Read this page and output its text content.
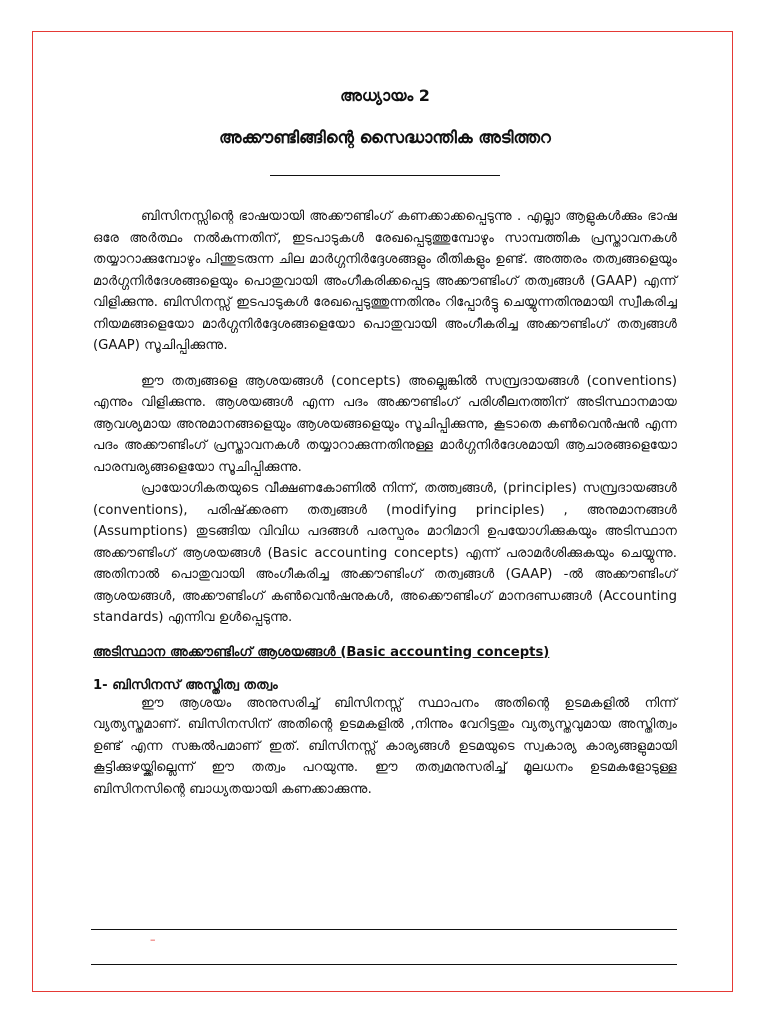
അധ്യായം 2
അക്കൗണ്ടിങ്ങിന്റെ സൈദ്ധാന്തിക അടിത്തറ

ബിസിനസ്സിന്റെ ഭാഷയായി അക്കൗണ്ടിംഗ് കണക്കാക്കപ്പെടുന്നു . എല്ലാ ആളുകൾക്കും ഭാഷ ഒരേ അർത്ഥം നൽകുന്നതിന്, ഇടപാടുകൾ രേഖപ്പെടുത്തുമ്പോഴും സാമ്പത്തിക പ്രസ്താവനകൾ തയ്യാറാക്കുമ്പോഴും പിന്തുടരുന്ന ചില മാർഗ്ഗനിർദ്ദേശങ്ങളും രീതികളും ഉണ്ട്. അത്തരം തത്വങ്ങളെയും മാർഗ്ഗനിർദേശങ്ങളെയും പൊതുവായി അംഗീകരിക്കപ്പെട്ട അക്കൗണ്ടിംഗ് തത്വങ്ങൾ (GAAP) എന്ന് വിളിക്കുന്നു. ബിസിനസ്സ് ഇടപാടുകൾ രേഖപ്പെടുത്തുന്നതിനും റിപ്പോർട്ടു ചെയ്യുന്നതിനുമായി സ്വീകരിച്ച നിയമങ്ങളെയോ മാർഗ്ഗനിർദ്ദേശങ്ങളെയോ പൊതുവായി അംഗീകരിച്ച അക്കൗണ്ടിംഗ് തത്വങ്ങൾ (GAAP) സൂചിപ്പിക്കുന്നു.

ഈ തത്വങ്ങളെ ആശയങ്ങൾ (concepts) അല്ലെങ്കിൽ സമ്പ്രദായങ്ങൾ (conventions) എന്നും വിളിക്കുന്നു. ആശയങ്ങൾ എന്ന പദം അക്കൗണ്ടിംഗ് പരിശീലനത്തിന് അടിസ്ഥാനമായ ആവശ്യമായ അനുമാനങ്ങളെയും ആശയങ്ങളെയും സൂചിപ്പിക്കുന്നു, കൂടാതെ കൺവെൻഷൻ എന്ന പദം അക്കൗണ്ടിംഗ് പ്രസ്താവനകൾ തയ്യാറാക്കുന്നതിനുള്ള മാർഗ്ഗനിർദേശമായി ആചാരങ്ങളെയോ പാരമ്പര്യങ്ങളെയോ സൂചിപ്പിക്കുന്നു.

പ്രായോഗികതയുടെ വീക്ഷണകോണിൽ നിന്ന്, തത്ത്വങ്ങൾ, (principles) സമ്പ്രദായങ്ങൾ (conventions), പരിഷ്‌ക്കരണ തത്വങ്ങൾ (modifying principles) , അനുമാനങ്ങൾ (Assumptions) തുടങ്ങിയ വിവിധ പദങ്ങൾ പരസ്പരം മാറിമാറി ഉപയോഗിക്കുകയും അടിസ്ഥാന അക്കൗണ്ടിംഗ് ആശയങ്ങൾ (Basic accounting concepts) എന്ന് പരാമർശിക്കുകയും ചെയ്യുന്നു. അതിനാൽ പൊതുവായി അംഗീകരിച്ച അക്കൗണ്ടിംഗ് തത്വങ്ങൾ (GAAP) -ൽ അക്കൗണ്ടിംഗ് ആശയങ്ങൾ, അക്കൗണ്ടിംഗ് കൺവെൻഷനുകൾ, അക്കൌണ്ടിംഗ് മാനദണ്ഡങ്ങൾ (Accounting standards) എന്നിവ ഉൾപ്പെടുന്നു.

അടിസ്ഥാന അക്കൗണ്ടിംഗ് ആശയങ്ങൾ (Basic accounting concepts)
1- ബിസിനസ് അസ്തിത്വ തത്വം

ഈ ആശയം അനുസരിച്ച് ബിസിനസ്സ് സ്ഥാപനം അതിന്റെ ഉടമകളിൽ നിന്ന് വ്യത്യസ്തമാണ്. ബിസിനസിന് അതിന്റെ ഉടമകളിൽ ,നിന്നും വേറിട്ടതും വ്യത്യസ്തവുമായ അസ്തിത്വം ഉണ്ട് എന്ന സങ്കൽപമാണ് ഇത്. ബിസിനസ്സ് കാര്യങ്ങൾ ഉടമയുടെ സ്വകാര്യ കാര്യങ്ങളുമായി കൂട്ടിക്കുഴയ്ക്കില്ലെന്ന് ഈ തത്വം പറയുന്നു. ഈ തത്വമനുസരിച്ച് മൂലധനം ഉടമകളോടുള്ള ബിസിനസിന്റെ ബാധ്യതയായി കണക്കാക്കുന്നു.

–
